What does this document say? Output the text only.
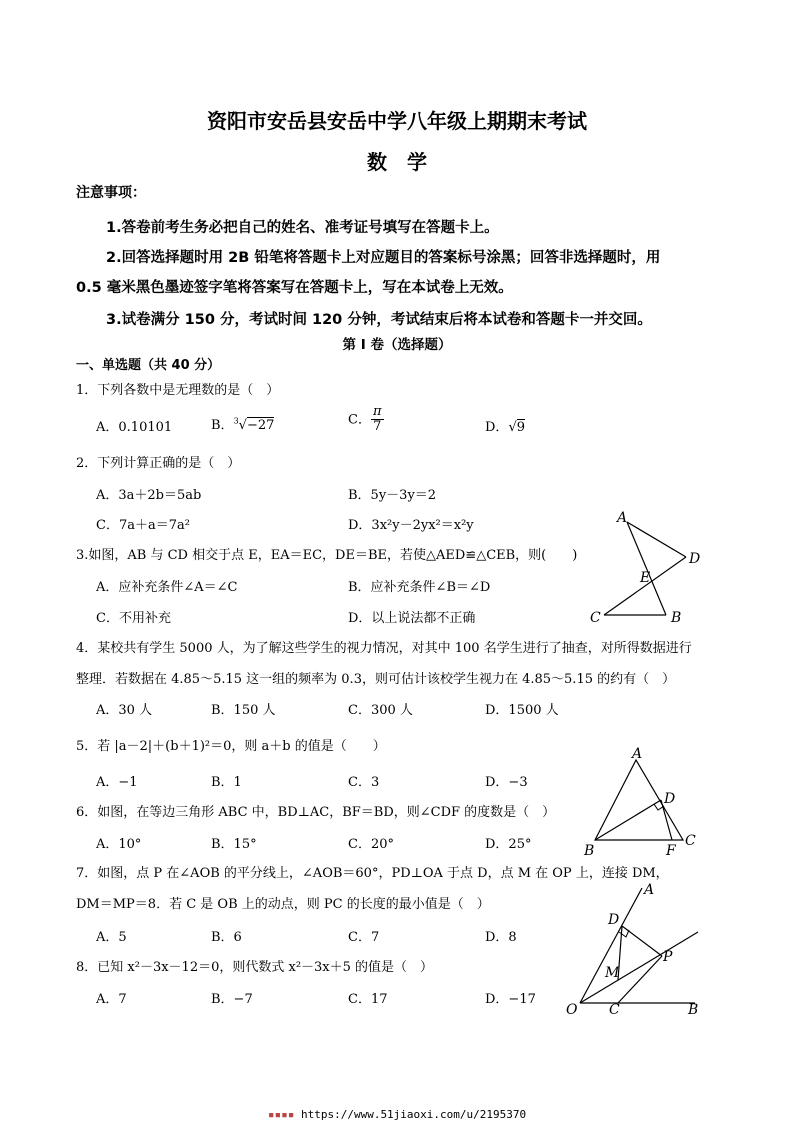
资阳市安岳县安岳中学八年级上期期末考试
数　学
注意事项：
1.答卷前考生务必把自己的姓名、准考证号填写在答题卡上。
2.回答选择题时用 2B 铅笔将答题卡上对应题目的答案标号涂黑；回答非选择题时，用
0.5 毫米黑色墨迹签字笔将答案写在答题卡上，写在本试卷上无效。
3.试卷满分 150 分，考试时间 120 分钟，考试结束后将本试卷和答题卡一并交回。
第 I 卷（选择题）
一、单选题（共 40 分）
1．下列各数中是无理数的是（　）
A．0.10101	B．$^3$√−27	C． $\frac{\pi}{7}$	D．√9
2．下列计算正确的是（　）
A．3a＋2b＝5ab	B．5y－3y＝2
C．7a＋a＝7a²	D．3x²y－2yx²＝x²y
3.如图，AB 与 CD 相交于点 E，EA＝EC，DE＝BE，若使△AED≌△CEB，则(　　)
A．应补充条件∠A＝∠C	B．应补充条件∠B＝∠D
C．不用补充	D．以上说法都不正确
A
D
E
C	B
4．某校共有学生 5000 人，为了解这些学生的视力情况，对其中 100 名学生进行了抽查，对所得数据进行
整理．若数据在 4.85～5.15 这一组的频率为 0.3，则可估计该校学生视力在 4.85～5.15 的约有（　）
A．30 人	B．150 人	C．300 人	D．1500 人
5．若 |a－2|＋(b＋1)²＝0，则 a＋b 的值是（　　）
A．−1	B．1	C．3	D．−3
6．如图，在等边三角形 ABC 中，BD⊥AC，BF＝BD，则∠CDF 的度数是（　）
A．10°	B．15°	C．20°	D．25°
A
D
B	F
C
7．如图，点 P 在∠AOB 的平分线上，∠AOB＝60°，PD⊥OA 于点 D，点 M 在 OP 上，连接 DM，
DM＝MP＝8．若 C 是 OB 上的动点，则 PC 的长度的最小值是（　）
A．5	B．6	C．7	D．8
8．已知 x²－3x－12＝0，则代数式 x²－3x＋5 的值是（　）
A．7	B．−7	C．17	D．−17
A
D
M
P
O C	B
▪▪▪▪ https://www.51jiaoxi.com/u/2195370
